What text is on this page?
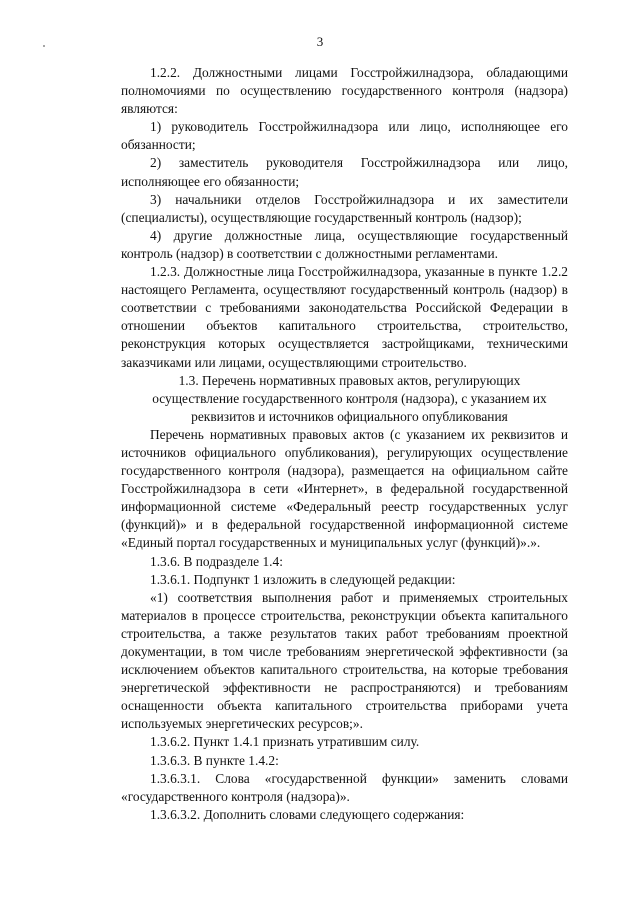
3

1.2.2. Должностными лицами Госстройжилнадзора, обладающими полномочиями по осуществлению государственного контроля (надзора) являются:

1) руководитель Госстройжилнадзора или лицо, исполняющее его обязанности;

2) заместитель руководителя Госстройжилнадзора или лицо, исполняющее его обязанности;

3) начальники отделов Госстройжилнадзора и их заместители (специалисты), осуществляющие государственный контроль (надзор);

4) другие должностные лица, осуществляющие государственный контроль (надзор) в соответствии с должностными регламентами.

1.2.3. Должностные лица Госстройжилнадзора, указанные в пункте 1.2.2 настоящего Регламента, осуществляют государственный контроль (надзор) в соответствии с требованиями законодательства Российской Федерации в отношении объектов капитального строительства, строительство, реконструкция которых осуществляется застройщиками, техническими заказчиками или лицами, осуществляющими строительство.

1.3. Перечень нормативных правовых актов, регулирующих осуществление государственного контроля (надзора), с указанием их реквизитов и источников официального опубликования

Перечень нормативных правовых актов (с указанием их реквизитов и источников официального опубликования), регулирующих осуществление государственного контроля (надзора), размещается на официальном сайте Госстройжилнадзора в сети «Интернет», в федеральной государственной информационной системе «Федеральный реестр государственных услуг (функций)» и в федеральной государственной информационной системе «Единый портал государственных и муниципальных услуг (функций)».».

1.3.6. В подразделе 1.4:

1.3.6.1. Подпункт 1 изложить в следующей редакции:

«1) соответствия выполнения работ и применяемых строительных материалов в процессе строительства, реконструкции объекта капитального строительства, а также результатов таких работ требованиям проектной документации, в том числе требованиям энергетической эффективности (за исключением объектов капитального строительства, на которые требования энергетической эффективности не распространяются) и требованиям оснащенности объекта капитального строительства приборами учета используемых энергетических ресурсов;».

1.3.6.2. Пункт 1.4.1 признать утратившим силу.

1.3.6.3. В пункте 1.4.2:

1.3.6.3.1. Слова «государственной функции» заменить словами «государственного контроля (надзора)».

1.3.6.3.2. Дополнить словами следующего содержания:
